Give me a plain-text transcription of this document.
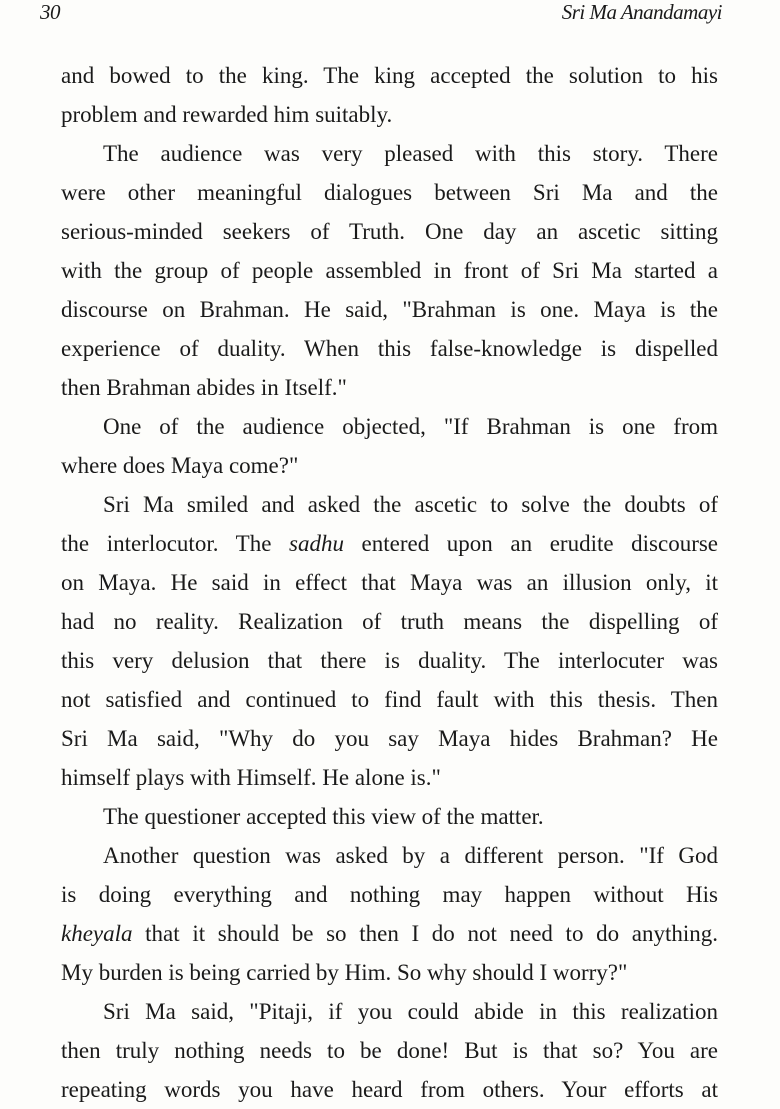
30	Sri Ma Anandamayi
and bowed to the king. The king accepted the solution to his
problem and rewarded him suitably.
The audience was very pleased with this story. There
were other meaningful dialogues between Sri Ma and the
serious-minded seekers of Truth. One day an ascetic sitting
with the group of people assembled in front of Sri Ma started a
discourse on Brahman. He said, "Brahman is one. Maya is the
experience of duality. When this false-knowledge is dispelled
then Brahman abides in Itself."
One of the audience objected, "If Brahman is one from
where does Maya come?"
Sri Ma smiled and asked the ascetic to solve the doubts of
the interlocutor. The sadhu entered upon an erudite discourse
on Maya. He said in effect that Maya was an illusion only, it
had no reality. Realization of truth means the dispelling of
this very delusion that there is duality. The interlocuter was
not satisfied and continued to find fault with this thesis. Then
Sri Ma said, "Why do you say Maya hides Brahman? He
himself plays with Himself. He alone is."
The questioner accepted this view of the matter.
Another question was asked by a different person. "If God
is doing everything and nothing may happen without His
kheyala that it should be so then I do not need to do anything.
My burden is being carried by Him. So why should I worry?"
Sri Ma said, "Pitaji, if you could abide in this realization
then truly nothing needs to be done! But is that so? You are
repeating words you have heard from others. Your efforts at
